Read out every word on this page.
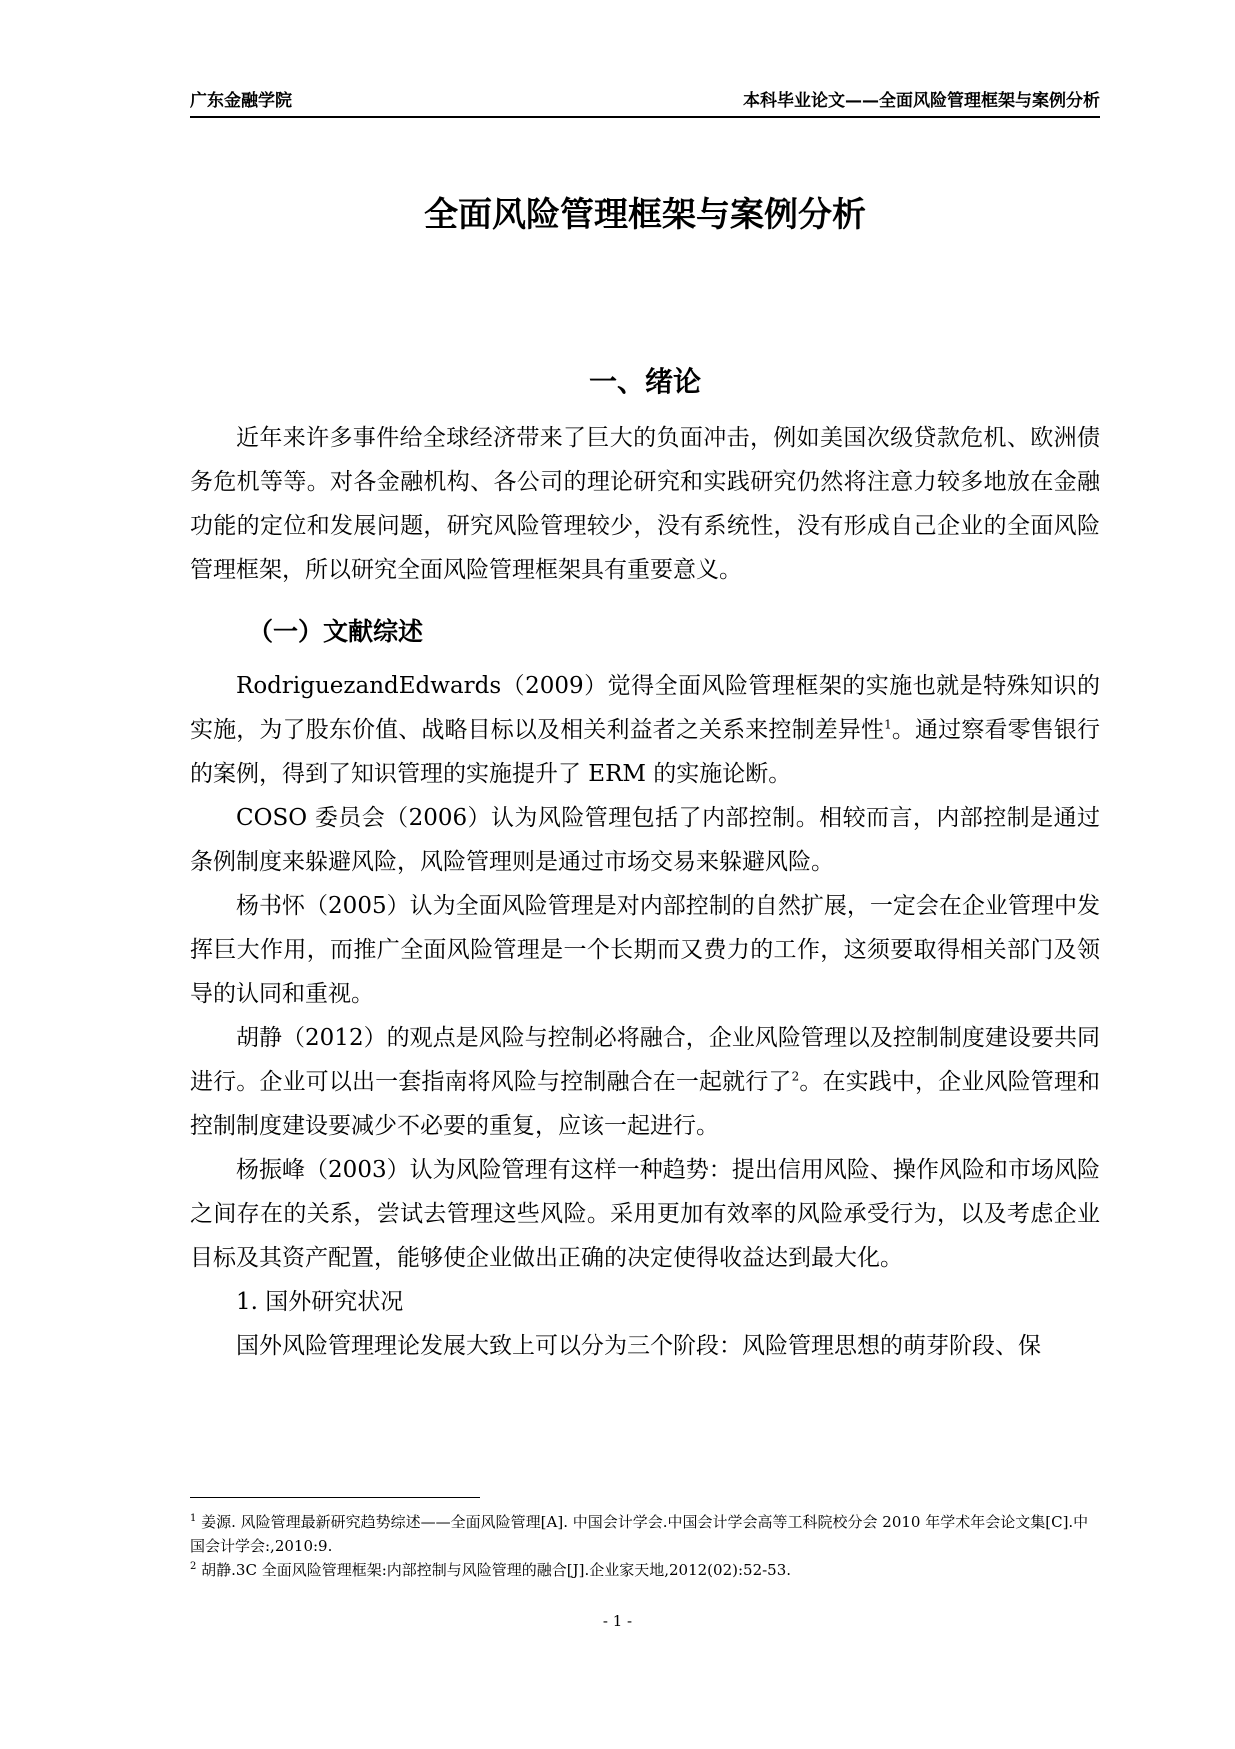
广东金融学院	本科毕业论文——全面风险管理框架与案例分析
全面风险管理框架与案例分析
一、绪论

近年来许多事件给全球经济带来了巨大的负面冲击，例如美国次级贷款危机、欧洲债务危机等等。对各金融机构、各公司的理论研究和实践研究仍然将注意力较多地放在金融功能的定位和发展问题，研究风险管理较少，没有系统性，没有形成自己企业的全面风险管理框架，所以研究全面风险管理框架具有重要意义。

（一）文献综述

RodriguezandEdwards（2009）觉得全面风险管理框架的实施也就是特殊知识的实施，为了股东价值、战略目标以及相关利益者之关系来控制差异性$^1$。通过察看零售银行的案例，得到了知识管理的实施提升了 ERM 的实施论断。

COSO 委员会（2006）认为风险管理包括了内部控制。相较而言，内部控制是通过条例制度来躲避风险，风险管理则是通过市场交易来躲避风险。

杨书怀（2005）认为全面风险管理是对内部控制的自然扩展，一定会在企业管理中发挥巨大作用，而推广全面风险管理是一个长期而又费力的工作，这须要取得相关部门及领导的认同和重视。

胡静（2012）的观点是风险与控制必将融合，企业风险管理以及控制制度建设要共同进行。企业可以出一套指南将风险与控制融合在一起就行了$^2$。在实践中，企业风险管理和控制制度建设要减少不必要的重复，应该一起进行。

杨振峰（2003）认为风险管理有这样一种趋势：提出信用风险、操作风险和市场风险之间存在的关系，尝试去管理这些风险。采用更加有效率的风险承受行为，以及考虑企业目标及其资产配置，能够使企业做出正确的决定使得收益达到最大化。

1. 国外研究状况

国外风险管理理论发展大致上可以分为三个阶段：风险管理思想的萌芽阶段、保

$^1$ 姜源. 风险管理最新研究趋势综述——全面风险管理[A]. 中国会计学会.中国会计学会高等工科院校分会 2010 年学术年会论文集[C].中国会计学会:,2010:9.
$^2$ 胡静.3C 全面风险管理框架:内部控制与风险管理的融合[J].企业家天地,2012(02):52-53.
- 1 -
